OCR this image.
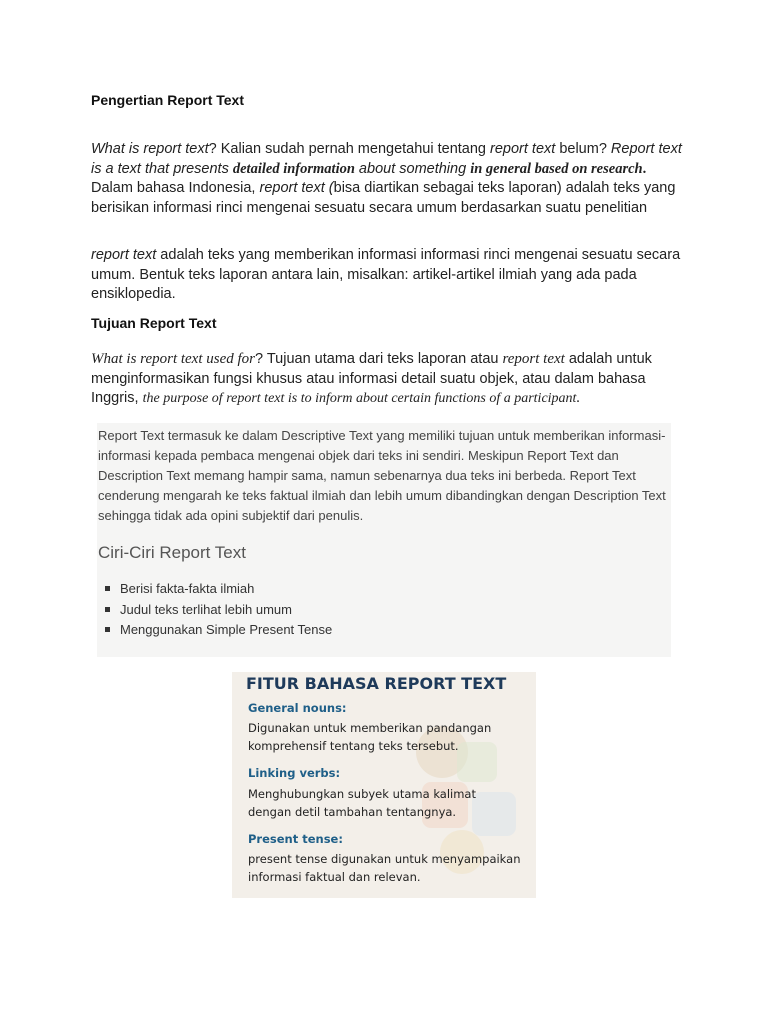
Pengertian Report Text
What is report text? Kalian sudah pernah mengetahui tentang report text belum? Report text is a text that presents detailed information about something in general based on research. Dalam bahasa Indonesia, report text (bisa diartikan sebagai teks laporan) adalah teks yang berisikan informasi rinci mengenai sesuatu secara umum berdasarkan suatu penelitian
report text adalah teks yang memberikan informasi informasi rinci mengenai sesuatu secara umum. Bentuk teks laporan antara lain, misalkan: artikel-artikel ilmiah yang ada pada ensiklopedia.
Tujuan Report Text
What is report text used for? Tujuan utama dari teks laporan atau report text adalah untuk menginformasikan fungsi khusus atau informasi detail suatu objek, atau dalam bahasa Inggris, the purpose of report text is to inform about certain functions of a participant.
Report Text termasuk ke dalam Descriptive Text yang memiliki tujuan untuk memberikan informasi-informasi kepada pembaca mengenai objek dari teks ini sendiri. Meskipun Report Text dan Description Text memang hampir sama, namun sebenarnya dua teks ini berbeda. Report Text cenderung mengarah ke teks faktual ilmiah dan lebih umum dibandingkan dengan Description Text sehingga tidak ada opini subjektif dari penulis.
Ciri-Ciri Report Text
Berisi fakta-fakta ilmiah
Judul teks terlihat lebih umum
Menggunakan Simple Present Tense
FITUR BAHASA REPORT TEXT
General nouns:
Digunakan untuk memberikan pandangan
komprehensif tentang teks tersebut.
Linking verbs:
Menghubungkan subyek utama kalimat
dengan detil tambahan tentangnya.
Present tense:
present tense digunakan untuk menyampaikan
informasi faktual dan relevan.
